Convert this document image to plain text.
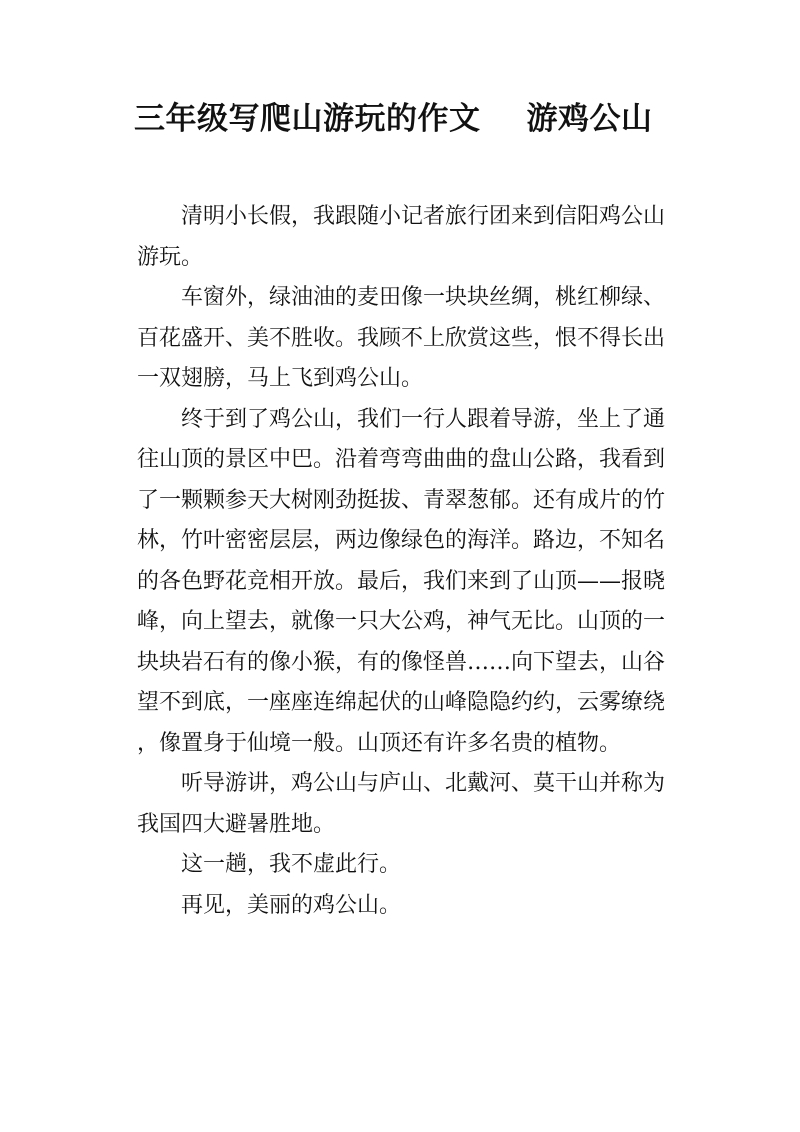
三年级写爬山游玩的作文 游鸡公山

清明小长假，我跟随小记者旅行团来到信阳鸡公山游玩。

车窗外，绿油油的麦田像一块块丝绸，桃红柳绿、百花盛开、美不胜收。我顾不上欣赏这些，恨不得长出一双翅膀，马上飞到鸡公山。

终于到了鸡公山，我们一行人跟着导游，坐上了通往山顶的景区中巴。沿着弯弯曲曲的盘山公路，我看到了一颗颗参天大树刚劲挺拔、青翠葱郁。还有成片的竹林，竹叶密密层层，两边像绿色的海洋。路边，不知名的各色野花竞相开放。最后，我们来到了山顶——报晓峰，向上望去，就像一只大公鸡，神气无比。山顶的一块块岩石有的像小猴，有的像怪兽……向下望去，山谷望不到底，一座座连绵起伏的山峰隐隐约约，云雾缭绕，像置身于仙境一般。山顶还有许多名贵的植物。

听导游讲，鸡公山与庐山、北戴河、莫干山并称为我国四大避暑胜地。

这一趟，我不虚此行。

再见，美丽的鸡公山。
